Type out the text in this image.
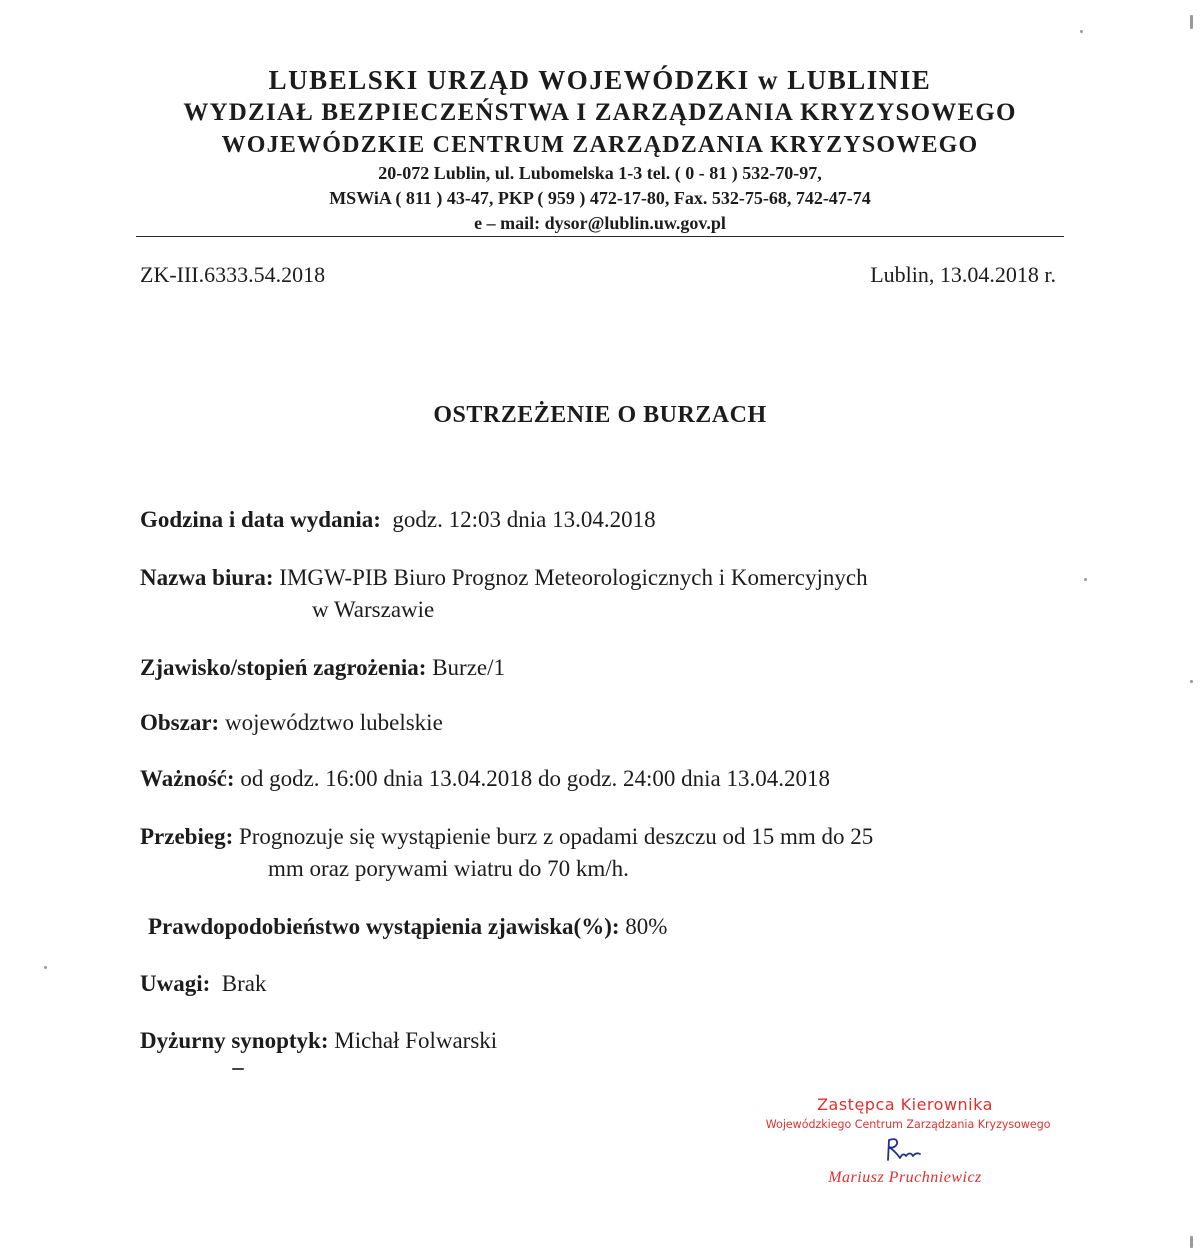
LUBELSKI URZĄD WOJEWÓDZKI w LUBLINIE
WYDZIAŁ BEZPIECZEŃSTWA I ZARZĄDZANIA KRYZYSOWEGO
WOJEWÓDZKIE CENTRUM ZARZĄDZANIA KRYZYSOWEGO
20-072 Lublin, ul. Lubomelska 1-3 tel. ( 0 - 81 ) 532-70-97,
MSWiA ( 811 ) 43-47, PKP ( 959 ) 472-17-80, Fax. 532-75-68, 742-47-74
e – mail: dysor@lublin.uw.gov.pl
ZK-III.6333.54.2018	Lublin, 13.04.2018 r.
OSTRZEŻENIE O BURZACH
Godzina i data wydania: godz. 12:03 dnia 13.04.2018
Nazwa biura: IMGW-PIB Biuro Prognoz Meteorologicznych i Komercyjnych
w Warszawie
Zjawisko/stopień zagrożenia: Burze/1
Obszar: województwo lubelskie
Ważność: od godz. 16:00 dnia 13.04.2018 do godz. 24:00 dnia 13.04.2018
Przebieg: Prognozuje się wystąpienie burz z opadami deszczu od 15 mm do 25
mm oraz porywami wiatru do 70 km/h.
Prawdopodobieństwo wystąpienia zjawiska(%): 80%
Uwagi: Brak
Dyżurny synoptyk: Michał Folwarski
Zastępca Kierownika
Wojewódzkiego Centrum Zarządzania Kryzysowego
Mariusz Pruchniewicz
